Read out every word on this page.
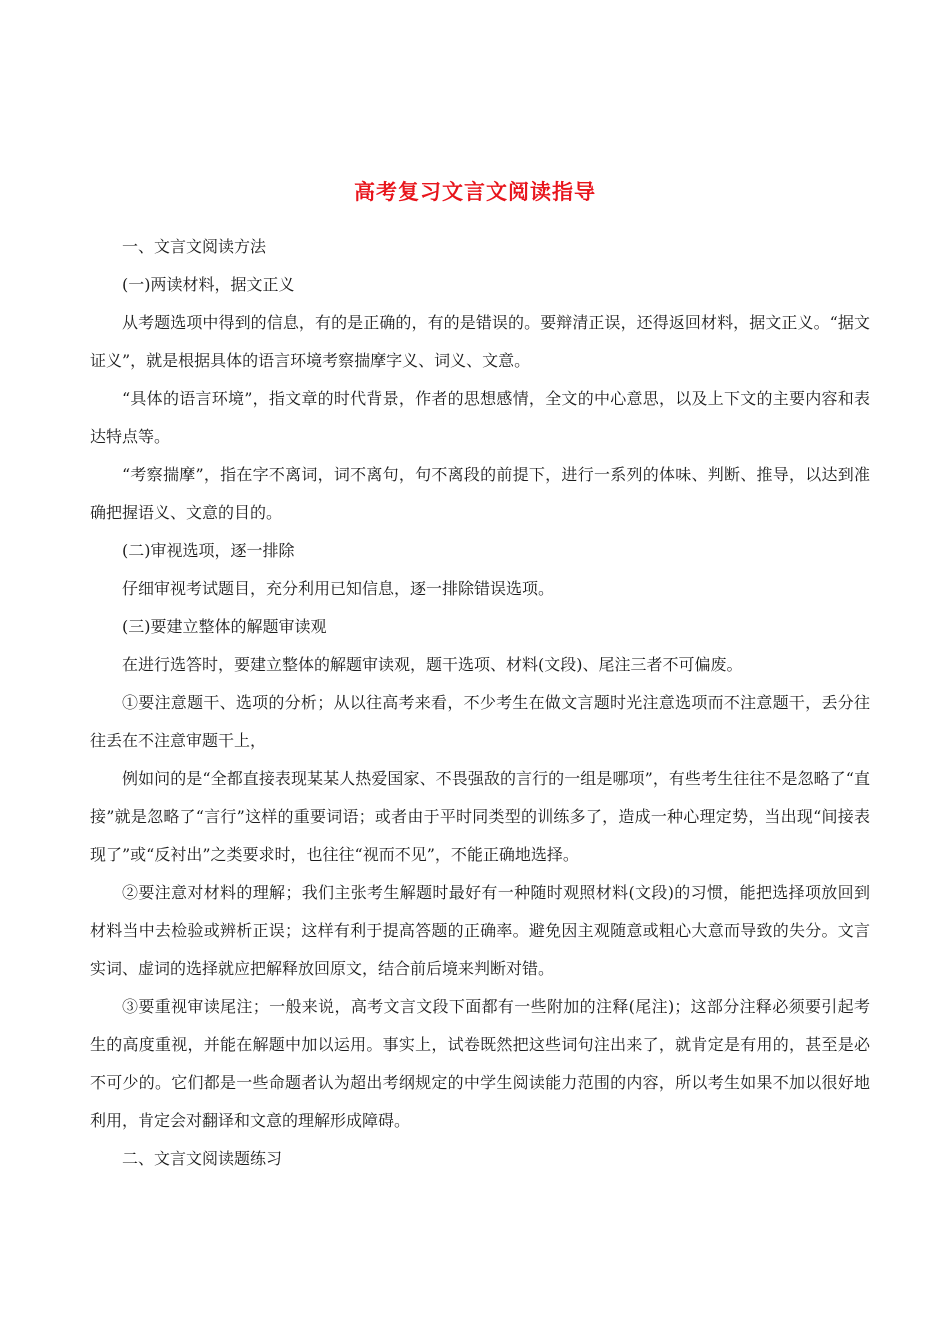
高考复习文言文阅读指导

一、文言文阅读方法

(一)两读材料，据文正义

从考题选项中得到的信息，有的是正确的，有的是错误的。要辩清正误，还得返回材料，据文正义。“据文证义”，就是根据具体的语言环境考察揣摩字义、词义、文意。

“具体的语言环境”，指文章的时代背景，作者的思想感情，全文的中心意思，以及上下文的主要内容和表达特点等。

“考察揣摩”，指在字不离词，词不离句，句不离段的前提下，进行一系列的体味、判断、推导，以达到准确把握语义、文意的目的。

(二)审视选项，逐一排除

仔细审视考试题目，充分利用已知信息，逐一排除错误选项。

(三)要建立整体的解题审读观

在进行选答时，要建立整体的解题审读观，题干选项、材料(文段)、尾注三者不可偏废。

①要注意题干、选项的分析；从以往高考来看，不少考生在做文言题时光注意选项而不注意题干，丢分往往丢在不注意审题干上，

例如问的是“全都直接表现某某人热爱国家、不畏强敌的言行的一组是哪项”，有些考生往往不是忽略了“直接”就是忽略了“言行”这样的重要词语；或者由于平时同类型的训练多了，造成一种心理定势，当出现“间接表现了”或“反衬出”之类要求时，也往往“视而不见”，不能正确地选择。

②要注意对材料的理解；我们主张考生解题时最好有一种随时观照材料(文段)的习惯，能把选择项放回到材料当中去检验或辨析正误；这样有利于提高答题的正确率。避免因主观随意或粗心大意而导致的失分。文言实词、虚词的选择就应把解释放回原文，结合前后境来判断对错。

③要重视审读尾注；一般来说，高考文言文段下面都有一些附加的注释(尾注)；这部分注释必须要引起考生的高度重视，并能在解题中加以运用。事实上，试卷既然把这些词句注出来了，就肯定是有用的，甚至是必不可少的。它们都是一些命题者认为超出考纲规定的中学生阅读能力范围的内容，所以考生如果不加以很好地利用，肯定会对翻译和文意的理解形成障碍。

二、文言文阅读题练习
